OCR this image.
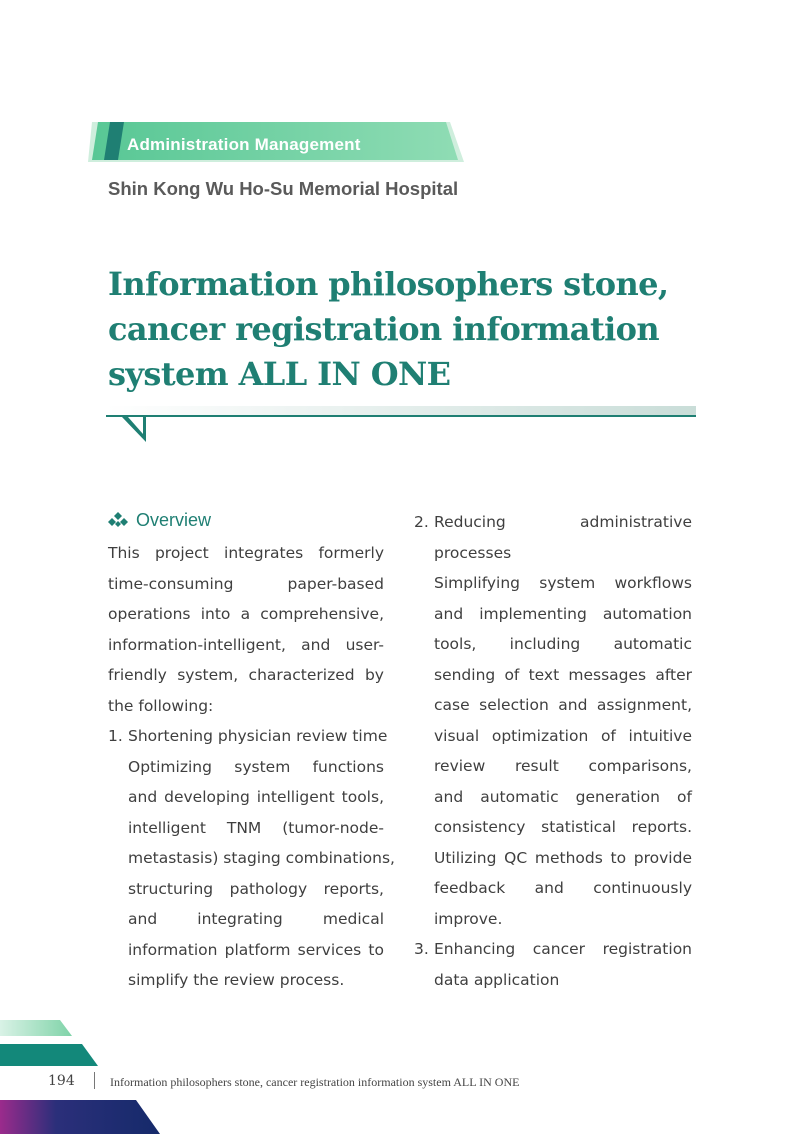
Administration Management
Shin Kong Wu Ho-Su Memorial Hospital
Information philosophers stone,
cancer registration information
system ALL IN ONE
Overview
This project integrates formerly
time-consuming paper-based
operations into a comprehensive,
information-intelligent, and user-
friendly system, characterized by
the following:
1. Shortening physician review time
Optimizing system functions
and developing intelligent tools,
intelligent TNM (tumor-node-
metastasis) staging combinations,
structuring pathology reports,
and integrating medical
information platform services to
simplify the review process.
2. Reducing administrative
processes
Simplifying system workflows
and implementing automation
tools, including automatic
sending of text messages after
case selection and assignment,
visual optimization of intuitive
review result comparisons,
and automatic generation of
consistency statistical reports.
Utilizing QC methods to provide
feedback and continuously
improve.
3. Enhancing cancer registration
data application
194	Information philosophers stone, cancer registration information system ALL IN ONE
